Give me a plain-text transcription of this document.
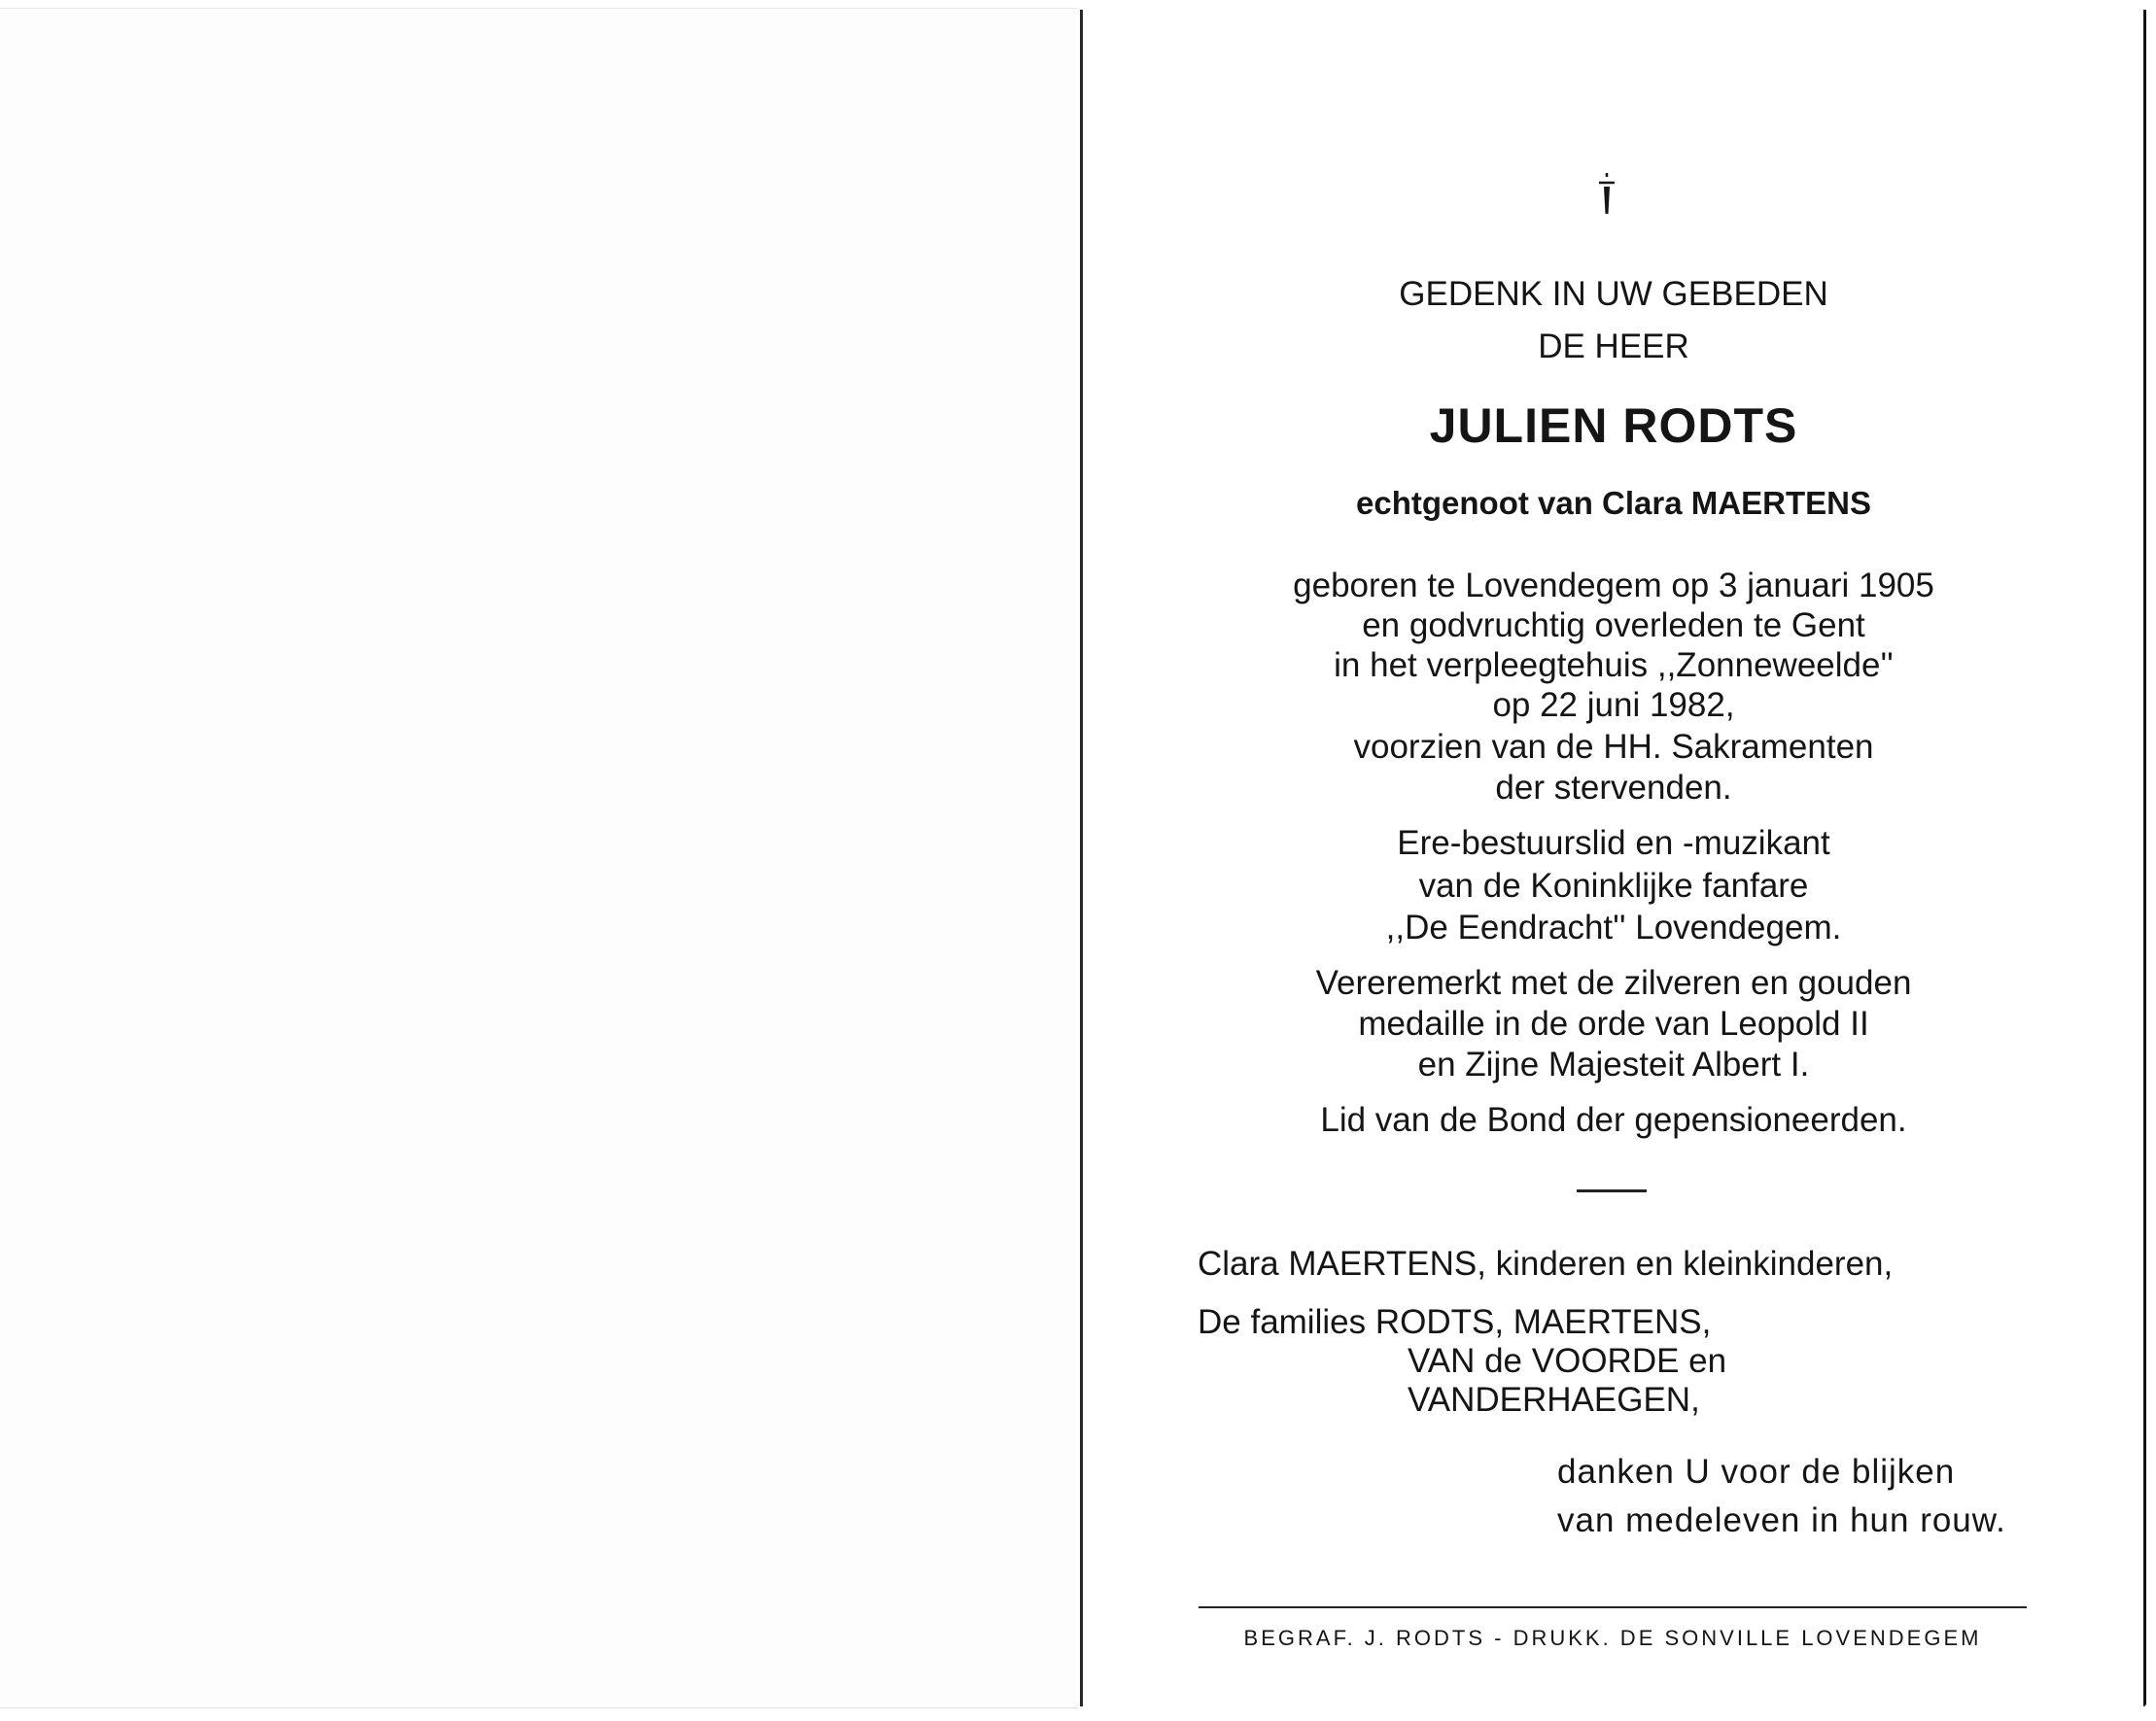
GEDENK IN UW GEBEDEN
DE HEER
JULIEN RODTS
echtgenoot van Clara MAERTENS
geboren te Lovendegem op 3 januari 1905
en godvruchtig overleden te Gent
in het verpleegtehuis ,,Zonneweelde''
op 22 juni 1982,
voorzien van de HH. Sakramenten
der stervenden.
Ere-bestuurslid en -muzikant
van de Koninklijke fanfare
,,De Eendracht'' Lovendegem.
Vereremerkt met de zilveren en gouden
medaille in de orde van Leopold II
en Zijne Majesteit Albert I.
Lid van de Bond der gepensioneerden.
Clara MAERTENS, kinderen en kleinkinderen,
De families RODTS, MAERTENS,
VAN de VOORDE en
VANDERHAEGEN,
danken U voor de blijken
van medeleven in hun rouw.
BEGRAF. J. RODTS - DRUKK. DE SONVILLE LOVENDEGEM
